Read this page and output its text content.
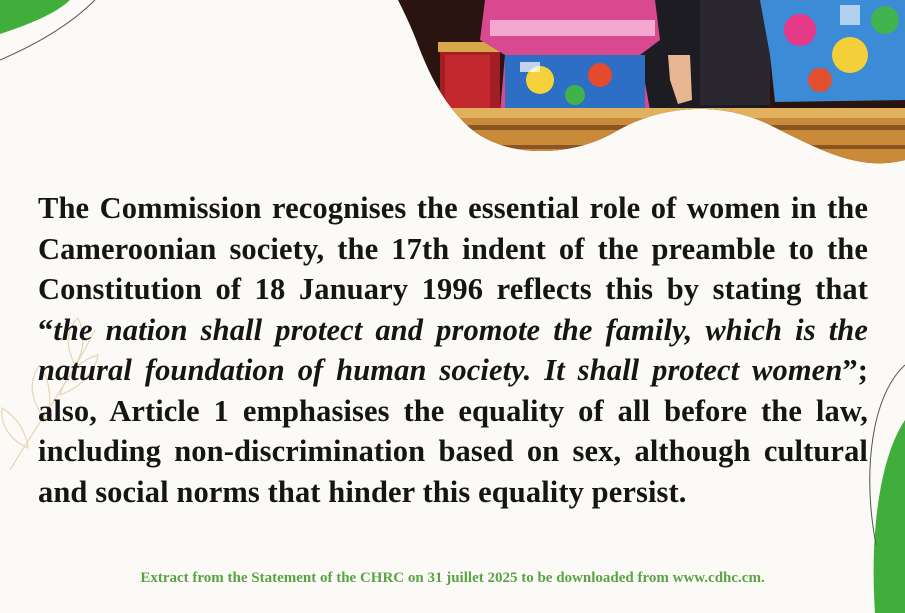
The Commission recognises the essential role of women in the Cameroonian society, the 17th indent of the preamble to the Constitution of 18 January 1996 reflects this by stating that “the nation shall protect and promote the family, which is the natural foundation of human society. It shall protect women”; also, Article 1 emphasises the equality of all before the law, including non-discrimination based on sex, although cultural and social norms that hinder this equality persist.

Extract from the Statement of the CHRC on 31 juillet 2025 to be downloaded from www.cdhc.cm.
